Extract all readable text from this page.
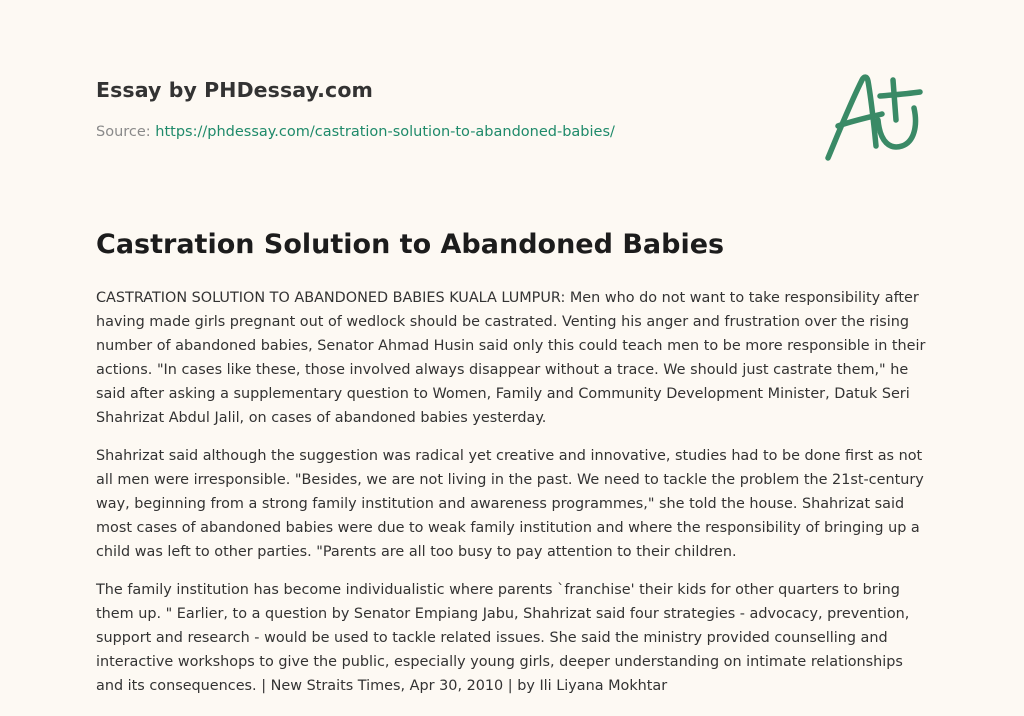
Essay by PHDessay.com
Source: https://phdessay.com/castration-solution-to-abandoned-babies/
Castration Solution to Abandoned Babies

CASTRATION SOLUTION TO ABANDONED BABIES KUALA LUMPUR: Men who do not want to take responsibility after having made girls pregnant out of wedlock should be castrated. Venting his anger and frustration over the rising number of abandoned babies, Senator Ahmad Husin said only this could teach men to be more responsible in their actions. "In cases like these, those involved always disappear without a trace. We should just castrate them," he said after asking a supplementary question to Women, Family and Community Development Minister, Datuk Seri Shahrizat Abdul Jalil, on cases of abandoned babies yesterday.

Shahrizat said although the suggestion was radical yet creative and innovative, studies had to be done first as not all men were irresponsible. "Besides, we are not living in the past. We need to tackle the problem the 21st-century way, beginning from a strong family institution and awareness programmes," she told the house. Shahrizat said most cases of abandoned babies were due to weak family institution and where the responsibility of bringing up a child was left to other parties. "Parents are all too busy to pay attention to their children.

The family institution has become individualistic where parents `franchise' their kids for other quarters to bring them up. " Earlier, to a question by Senator Empiang Jabu, Shahrizat said four strategies - advocacy, prevention, support and research - would be used to tackle related issues. She said the ministry provided counselling and interactive workshops to give the public, especially young girls, deeper understanding on intimate relationships and its consequences. | New Straits Times, Apr 30, 2010 | by Ili Liyana Mokhtar
